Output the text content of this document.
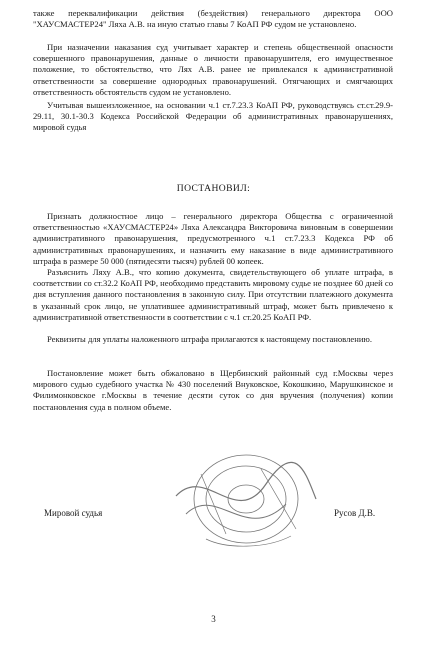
также переквалификации действия (бездействия) генерального директора ООО "ХАУСМАСТЕР24" Ляха А.В. на иную статью главы 7 КоАП РФ судом не установлено.

При назначении наказания суд учитывает характер и степень общественной опасности совершенного правонарушения, данные о личности правонарушителя, его имущественное положение, то обстоятельство, что Лях А.В. ранее не привлекался к административной ответственности за совершение однородных правонарушений. Отягчающих и смягчающих ответственность обстоятельств судом не установлено.

Учитывая вышеизложенное, на основании ч.1 ст.7.23.3 КоАП РФ, руководствуясь ст.ст.29.9-29.11, 30.1-30.3 Кодекса Российской Федерации об административных правонарушениях, мировой судья

ПОСТАНОВИЛ:

Признать должностное лицо – генерального директора Общества с ограниченной ответственностью «ХАУСМАСТЕР24» Ляха Александра Викторовича виновным в совершении административного правонарушения, предусмотренного ч.1 ст.7.23.3 Кодекса РФ об административных правонарушениях, и назначить ему наказание в виде административного штрафа в размере 50 000 (пятидесяти тысяч) рублей 00 копеек.

Разъяснить Ляху А.В., что копию документа, свидетельствующего об уплате штрафа, в соответствии со ст.32.2 КоАП РФ, необходимо представить мировому судье не позднее 60 дней со дня вступления данного постановления в законную силу. При отсутствии платежного документа в указанный срок лицо, не уплатившее административный штраф, может быть привлечено к административной ответственности в соответствии с ч.1 ст.20.25 КоАП РФ.

Реквизиты для уплаты наложенного штрафа прилагаются к настоящему постановлению.

Постановление может быть обжаловано в Щербинский районный суд г.Москвы через мирового судью судебного участка № 430 поселений Внуковское, Кокошкино, Марушкинское и Филимонковское г.Москвы в течение десяти суток со дня вручения (получения) копии постановления суда в полном объеме.

Мировой судья	Русов Д.В.
3
